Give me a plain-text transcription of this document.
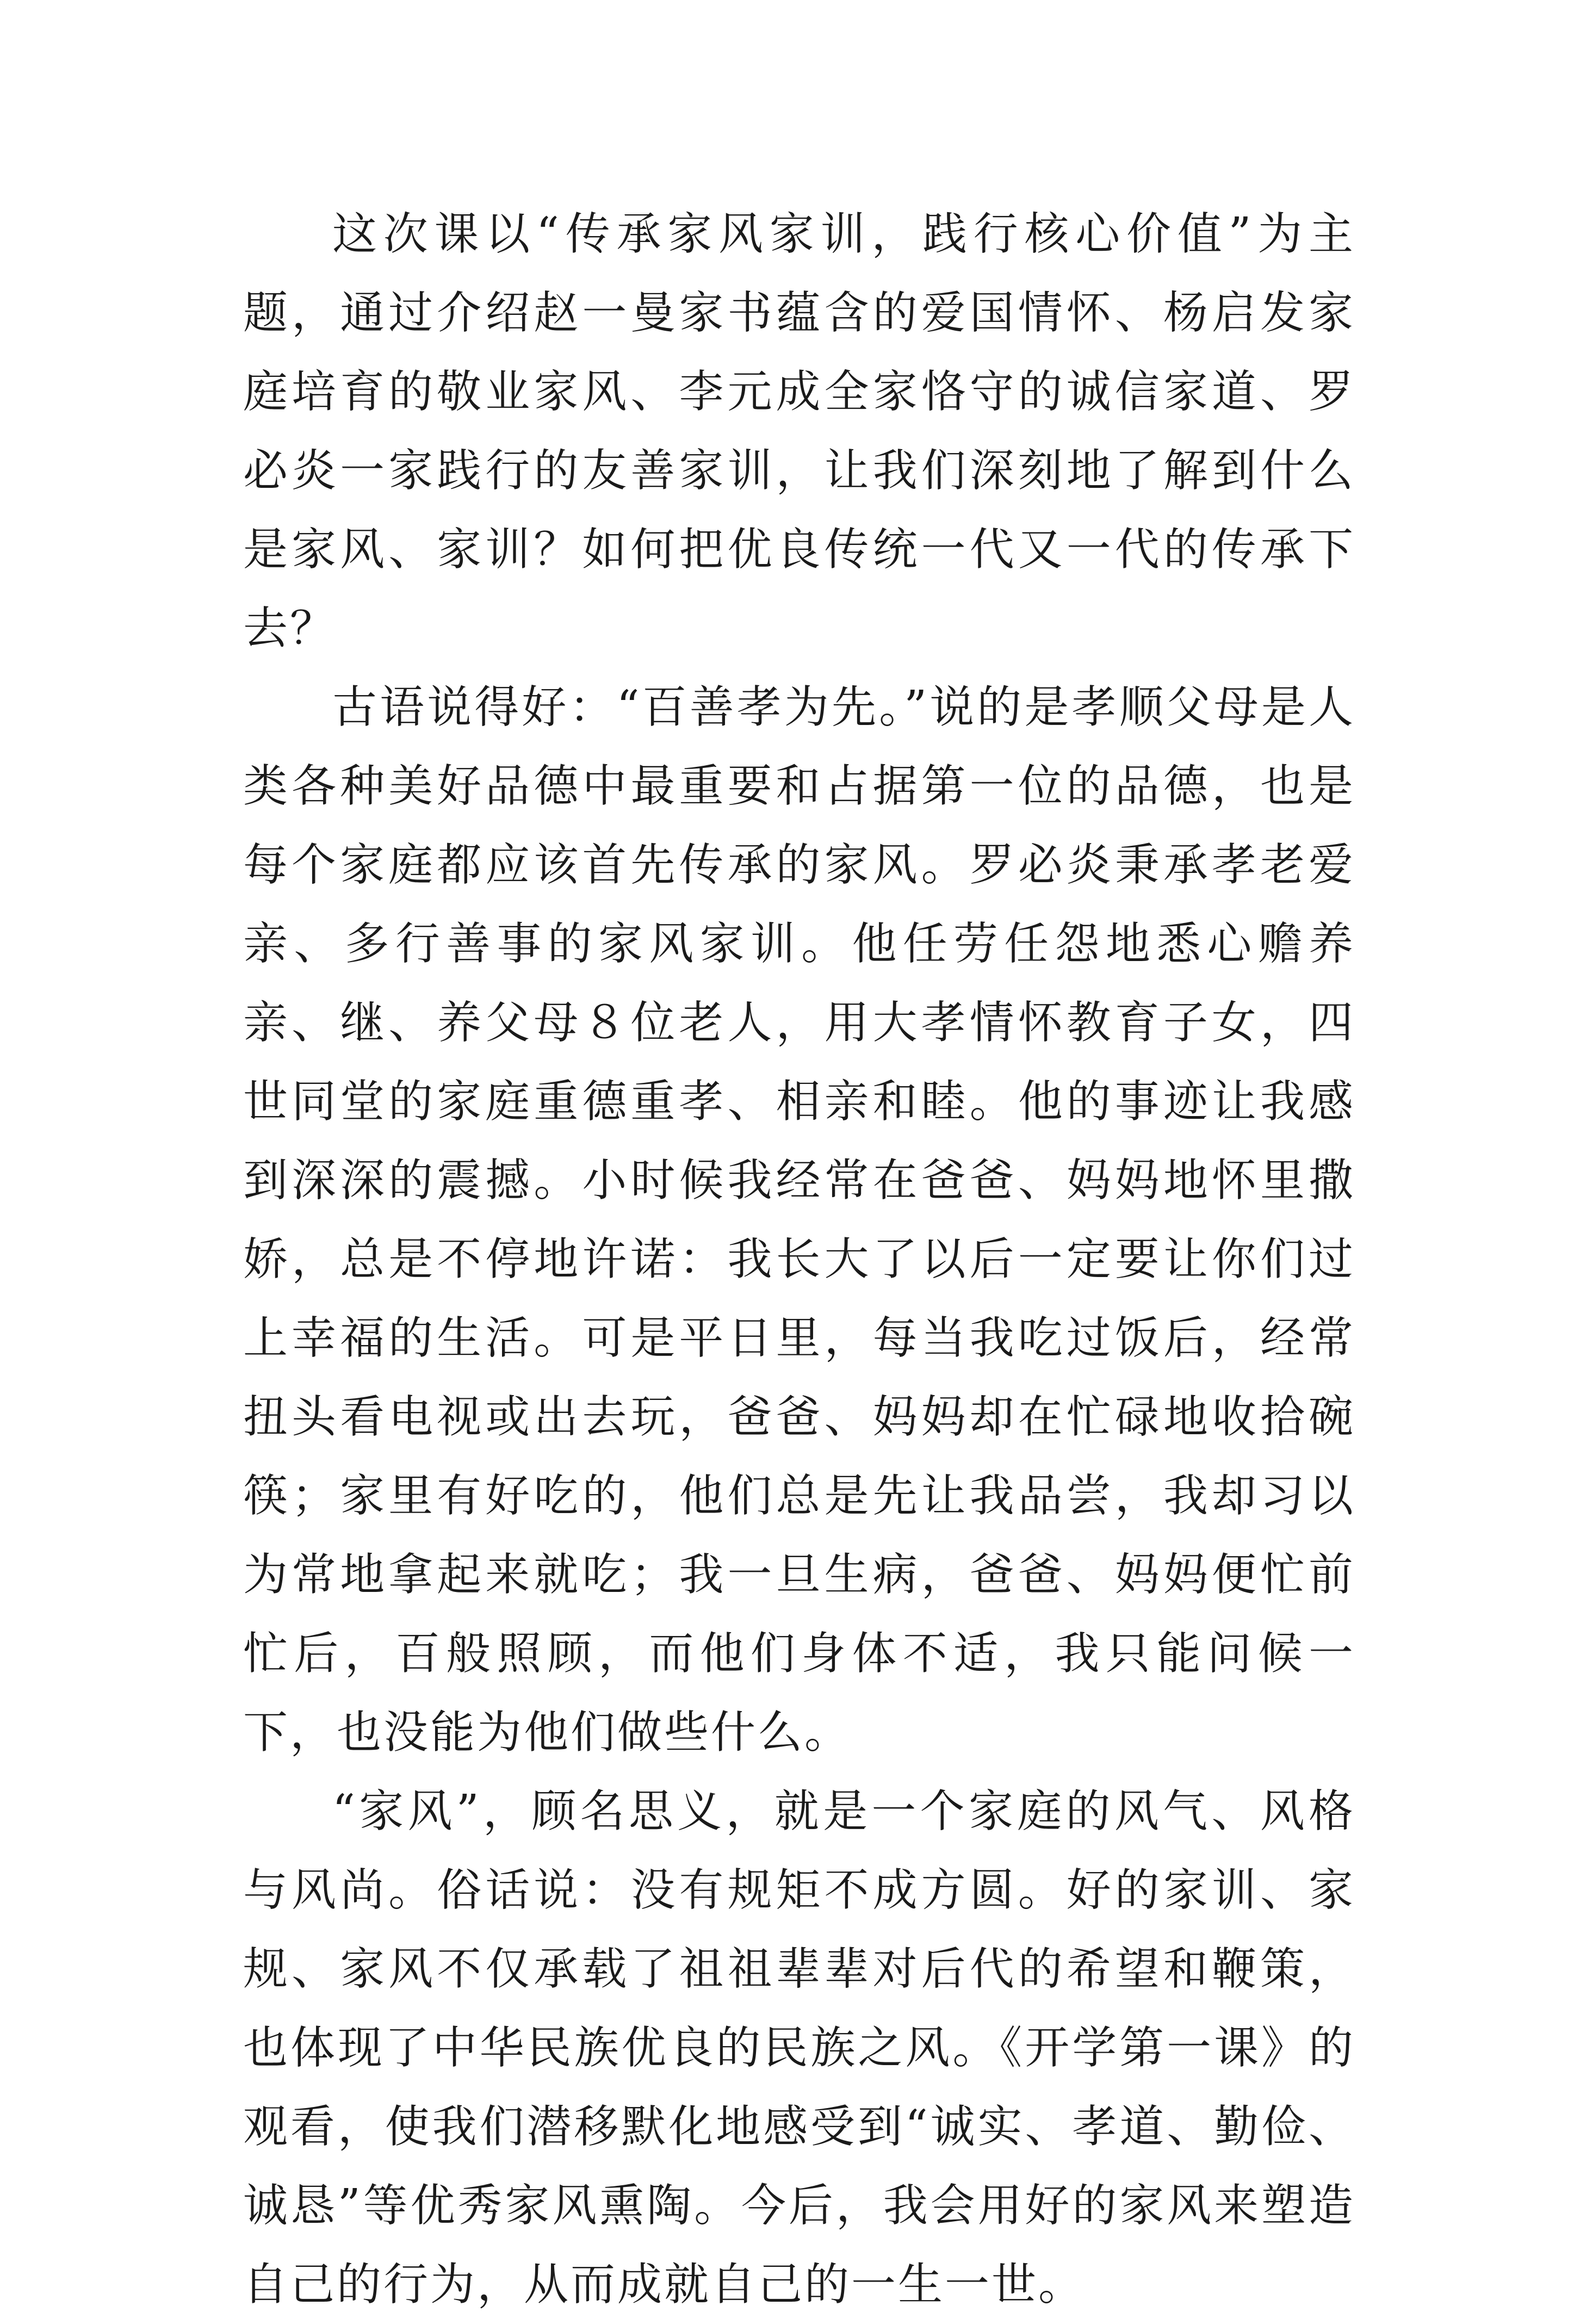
这次课以“传承家风家训，践行核心价值”为主题，通过介绍赵一曼家书蕴含的爱国情怀、杨启发家庭培育的敬业家风、李元成全家恪守的诚信家道、罗必炎一家践行的友善家训，让我们深刻地了解到什么是家风、家训？如何把优良传统一代又一代的传承下去？

古语说得好：“百善孝为先。”说的是孝顺父母是人类各种美好品德中最重要和占据第一位的品德，也是每个家庭都应该首先传承的家风。罗必炎秉承孝老爱亲、多行善事的家风家训。他任劳任怨地悉心赡养亲、继、养父母８位老人，用大孝情怀教育子女，四世同堂的家庭重德重孝、相亲和睦。他的事迹让我感到深深的震撼。小时候我经常在爸爸、妈妈地怀里撒娇，总是不停地许诺：我长大了以后一定要让你们过上幸福的生活。可是平日里，每当我吃过饭后，经常扭头看电视或出去玩，爸爸、妈妈却在忙碌地收拾碗筷；家里有好吃的，他们总是先让我品尝，我却习以为常地拿起来就吃；我一旦生病，爸爸、妈妈便忙前忙后，百般照顾，而他们身体不适，我只能问候一下，也没能为他们做些什么。

“家风”，顾名思义，就是一个家庭的风气、风格与风尚。俗话说：没有规矩不成方圆。好的家训、家规、家风不仅承载了祖祖辈辈对后代的希望和鞭策，也体现了中华民族优良的民族之风。《开学第一课》的观看，使我们潜移默化地感受到“诚实、孝道、勤俭、诚恳”等优秀家风熏陶。今后，我会用好的家风来塑造自己的行为，从而成就自己的一生一世。
